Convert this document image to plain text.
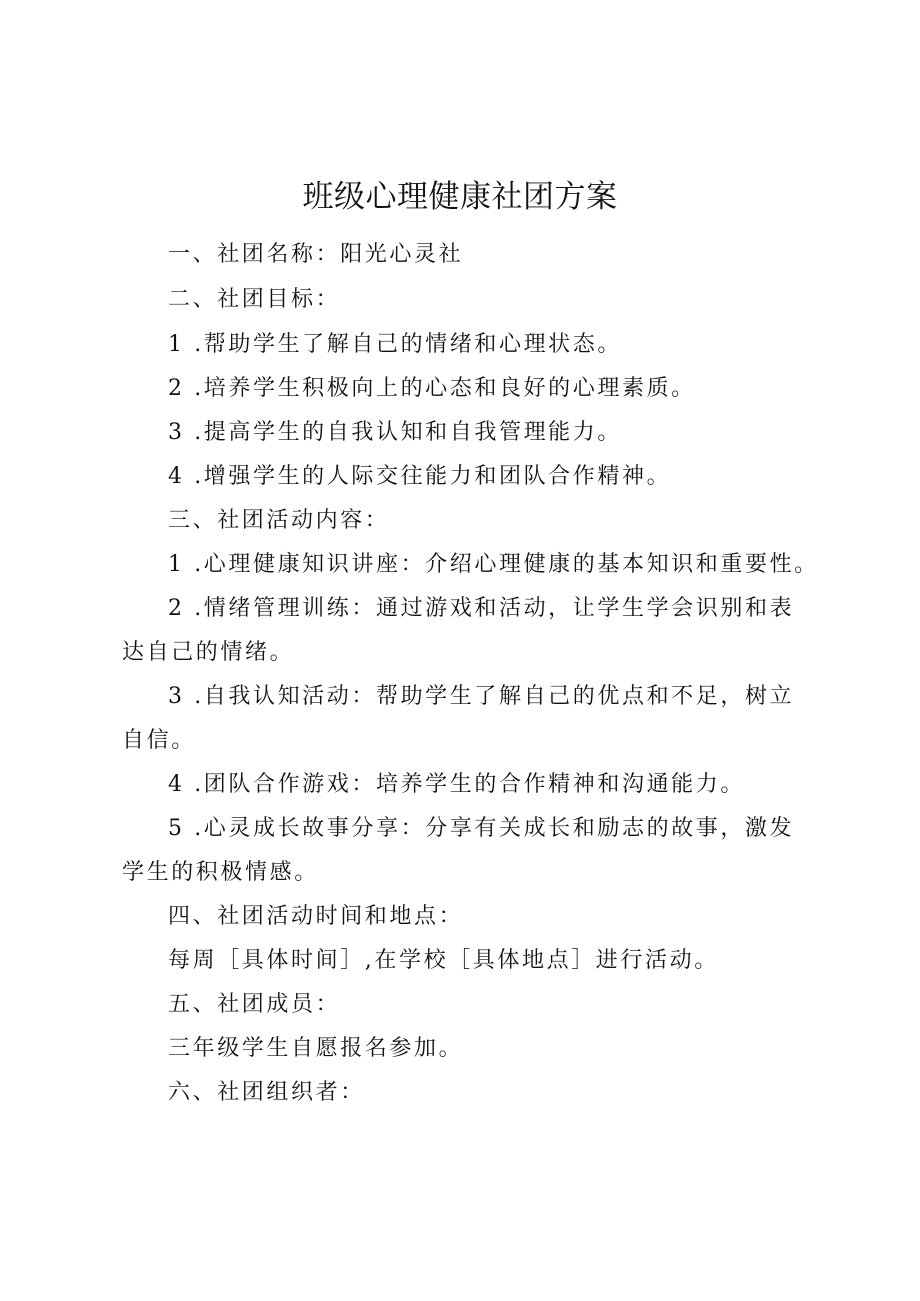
班级心理健康社团方案
一、社团名称：阳光心灵社
二、社团目标：
1 .帮助学生了解自己的情绪和心理状态。
2 .培养学生积极向上的心态和良好的心理素质。
3 .提高学生的自我认知和自我管理能力。
4 .增强学生的人际交往能力和团队合作精神。
三、社团活动内容：
1 .心理健康知识讲座：介绍心理健康的基本知识和重要性。
2 .情绪管理训练：通过游戏和活动，让学生学会识别和表达自己的情绪。
3 .自我认知活动：帮助学生了解自己的优点和不足，树立自信。
4 .团队合作游戏：培养学生的合作精神和沟通能力。
5 .心灵成长故事分享：分享有关成长和励志的故事，激发学生的积极情感。
四、社团活动时间和地点：
每周［具体时间］,在学校［具体地点］进行活动。
五、社团成员：
三年级学生自愿报名参加。
六、社团组织者：
